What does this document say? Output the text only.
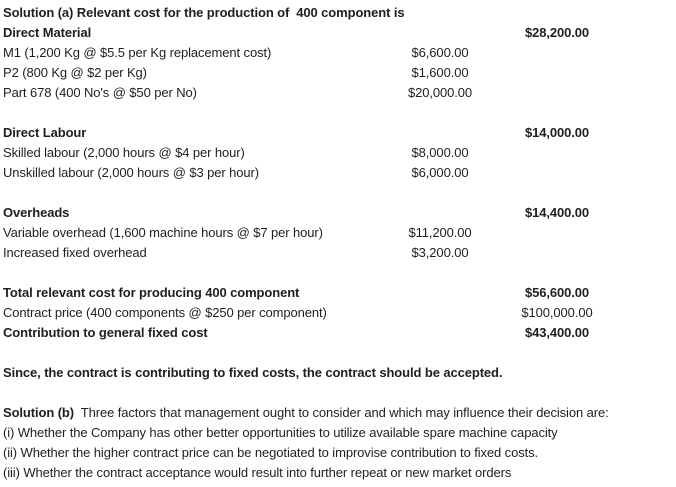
Solution (a) Relevant cost for the production of  400 component is
Direct Material	$28,200.00
M1 (1,200 Kg @ $5.5 per Kg replacement cost)	$6,600.00
P2 (800 Kg @ $2 per Kg)	$1,600.00
Part 678 (400 No's @ $50 per No)	$20,000.00
Direct Labour	$14,000.00
Skilled labour (2,000 hours @ $4 per hour)	$8,000.00
Unskilled labour (2,000 hours @ $3 per hour)	$6,000.00
Overheads	$14,400.00
Variable overhead (1,600 machine hours @ $7 per hour)	$11,200.00
Increased fixed overhead	$3,200.00
Total relevant cost for producing 400 component	$56,600.00
Contract price (400 components @ $250 per component)	$100,000.00
Contribution to general fixed cost	$43,400.00
Since, the contract is contributing to fixed costs, the contract should be accepted.
Solution (b)  Three factors that management ought to consider and which may influence their decision are:
(i) Whether the Company has other better opportunities to utilize available spare machine capacity
(ii) Whether the higher contract price can be negotiated to improvise contribution to fixed costs.
(iii) Whether the contract acceptance would result into further repeat or new market orders
